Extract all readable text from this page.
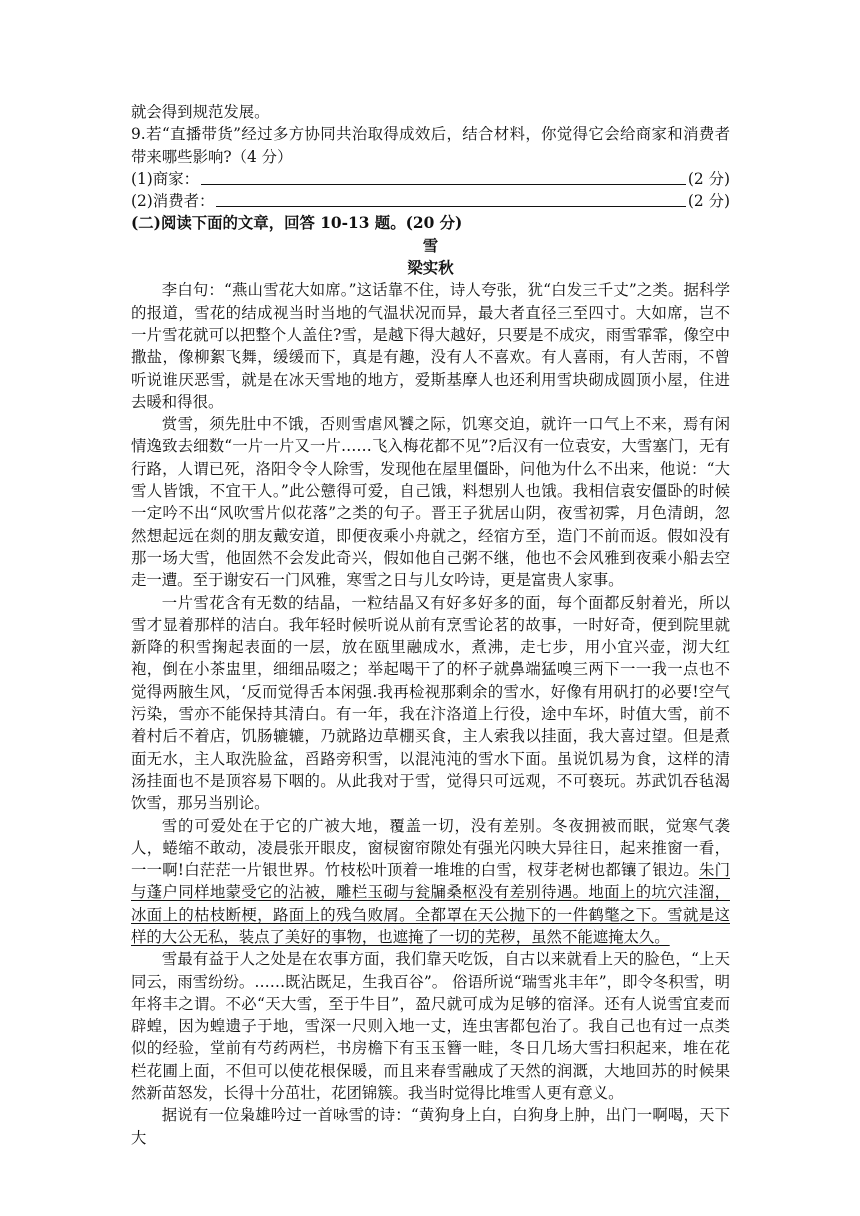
就会得到规范发展。

9.若“直播带货”经过多方协同共治取得成效后，结合材料，你觉得它会给商家和消费者带来哪些影响?（4 分）

(1)商家：	(2 分)
(2)消费者：	(2 分)

(二)阅读下面的文章，回答 10-13 题。(20 分)

雪

梁实秋

李白句：“燕山雪花大如席。”这话靠不住，诗人夸张，犹“白发三千丈”之类。据科学的报道，雪花的结成视当时当地的气温状况而异，最大者直径三至四寸。大如席，岂不一片雪花就可以把整个人盖住?雪，是越下得大越好，只要是不成灾，雨雪霏霏，像空中撒盐，像柳絮飞舞，缓缓而下，真是有趣，没有人不喜欢。有人喜雨，有人苦雨，不曾听说谁厌恶雪，就是在冰天雪地的地方，爱斯基摩人也还利用雪块砌成圆顶小屋，住进去暖和得很。

赏雪，须先肚中不饿，否则雪虐风饕之际，饥寒交迫，就许一口气上不来，焉有闲情逸致去细数“一片一片又一片……飞入梅花都不见”?后汉有一位袁安，大雪塞门，无有行路，人谓已死，洛阳令令人除雪，发现他在屋里僵卧，问他为什么不出来，他说：“大雪人皆饿，不宜干人。”此公戆得可爱，自己饿，料想别人也饿。我相信袁安僵卧的时候一定吟不出“风吹雪片似花落”之类的句子。晋王子犹居山阴，夜雪初霁，月色清朗，忽然想起远在剡的朋友戴安道，即便夜乘小舟就之，经宿方至，造门不前而返。假如没有那一场大雪，他固然不会发此奇兴，假如他自己粥不继，他也不会风雅到夜乘小船去空走一遭。至于谢安石一门风雅，寒雪之日与儿女吟诗，更是富贵人家事。

一片雪花含有无数的结晶，一粒结晶又有好多好多的面，每个面都反射着光，所以雪才显着那样的洁白。我年轻时候听说从前有烹雪论茗的故事，一时好奇，便到院里就新降的积雪掬起表面的一层，放在瓯里融成水，煮沸，走七步，用小宜兴壶，沏大红袍，倒在小茶盅里，细细品啜之；举起喝干了的杯子就鼻端猛嗅三两下一一我一点也不觉得两腋生风，‘反而觉得舌本闲强.我再检视那剩余的雪水，好像有用矾打的必要!空气污染，雪亦不能保持其清白。有一年，我在汴洛道上行役，途中车坏，时值大雪，前不着村后不着店，饥肠辘辘，乃就路边草棚买食，主人索我以挂面，我大喜过望。但是煮面无水，主人取洗脸盆，舀路旁积雪，以混沌沌的雪水下面。虽说饥易为食，这样的清汤挂面也不是顶容易下咽的。从此我对于雪，觉得只可远观，不可亵玩。苏武饥吞毡渴饮雪，那另当别论。

雪的可爱处在于它的广被大地，覆盖一切，没有差别。冬夜拥被而眠，觉寒气袭人，蜷缩不敢动，凌晨张开眼皮，窗棂窗帘隙处有强光闪映大异往日，起来推窗一看，一一啊!白茫茫一片银世界。竹枝松叶顶着一堆堆的白雪，杈芽老树也都镶了银边。朱门与蓬户同样地蒙受它的沾被，雕栏玉砌与瓮牖桑枢没有差别待遇。地面上的坑穴洼溜，冰面上的枯枝断梗，路面上的残刍败屑。全都罩在天公抛下的一件鹤氅之下。雪就是这样的大公无私，装点了美好的事物，也遮掩了一切的芜秽，虽然不能遮掩太久。

雪最有益于人之处是在农事方面，我们靠天吃饭，自古以来就看上天的脸色，“上天同云，雨雪纷纷。……既沾既足，生我百谷”。 俗语所说“瑞雪兆丰年”，即令冬积雪，明年将丰之谓。不必“天大雪，至于牛目”，盈尺就可成为足够的宿泽。还有人说雪宜麦而辟蝗，因为蝗遗子于地，雪深一尺则入地一丈，连虫害都包治了。我自己也有过一点类似的经验，堂前有芍药两栏，书房檐下有玉玉簪一畦，冬日几场大雪扫积起来，堆在花栏花圃上面，不但可以使花根保暖，而且来春雪融成了天然的润溉，大地回苏的时候果然新苗怒发，长得十分茁壮，花团锦簇。我当时觉得比堆雪人更有意义。

据说有一位枭雄吟过一首咏雪的诗：“黄狗身上白，白狗身上肿，出门一啊喝，天下大
